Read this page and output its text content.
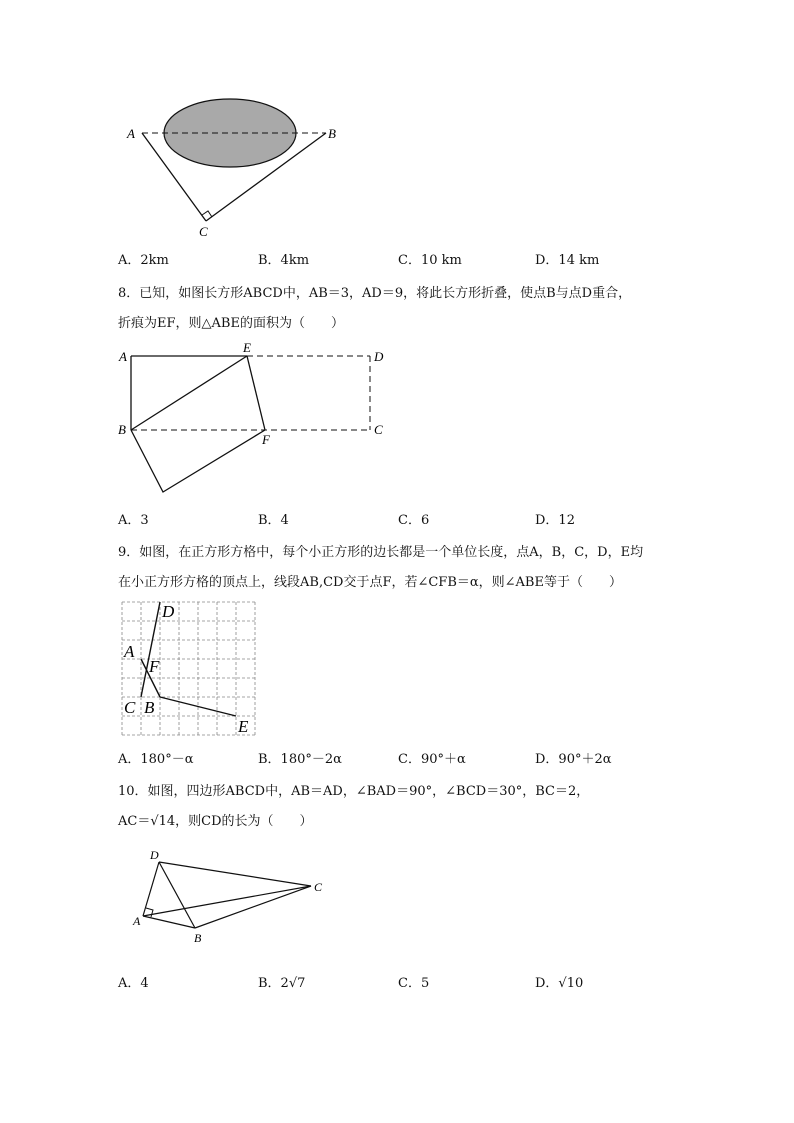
A	B
C
A．2km	B．4km	C．10 km	D．14 km
8．已知，如图长方形ABCD中，AB＝3，AD＝9，将此长方形折叠，使点B与点D重合，
折痕为EF，则△ABE的面积为（　　）
A
E
D
B
F
C
A．3	B．4	C．6	D．12
9．如图，在正方形方格中，每个小正方形的边长都是一个单位长度，点A，B，C，D，E均
在小正方形方格的顶点上，线段AB,CD交于点F，若∠CFB＝α，则∠ABE等于（　　）
D
A
F
C B
E
A．180°－α	B．180°－2α	C．90°＋α	D．90°＋2α
10．如图，四边形ABCD中，AB＝AD，∠BAD＝90°，∠BCD＝30°，BC＝2，
AC＝√14，则CD的长为（　　）
D
C
A
B
A．4	B．2√7	C．5	D．√10
